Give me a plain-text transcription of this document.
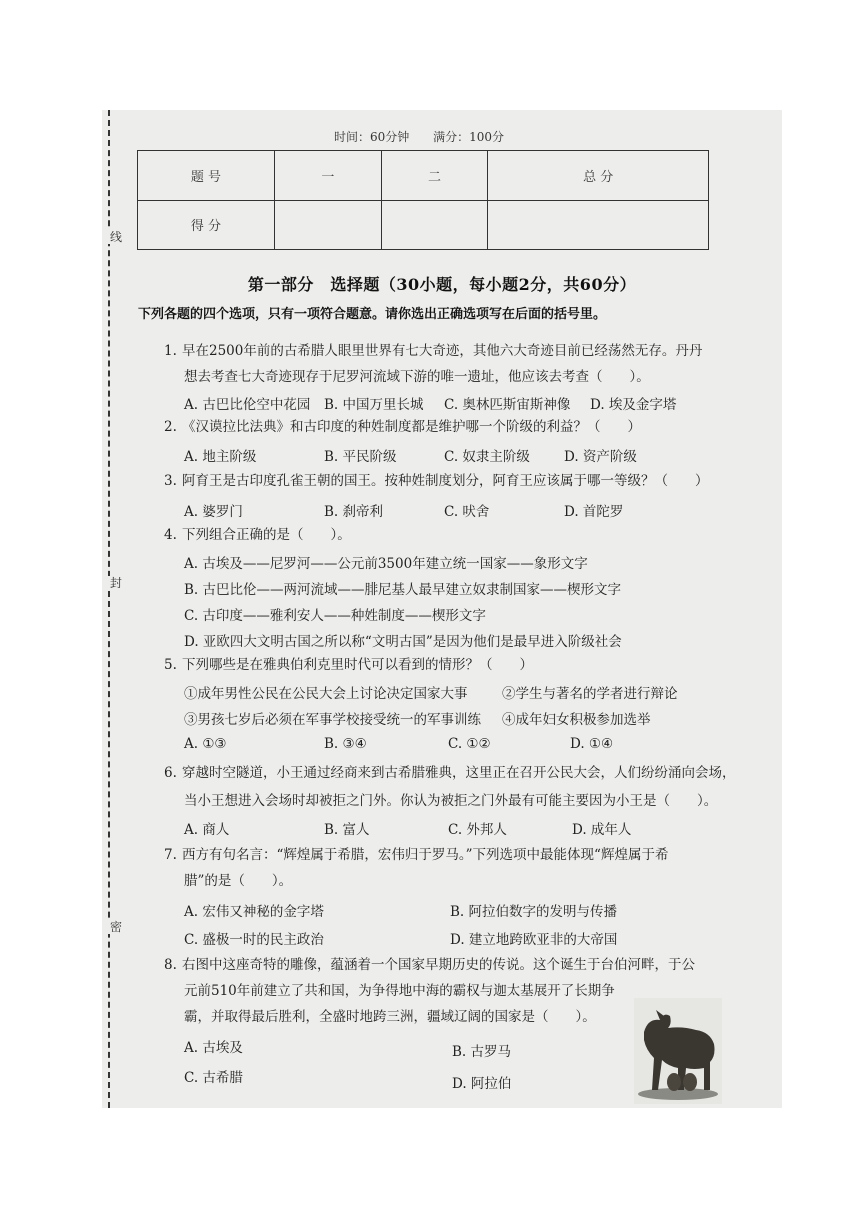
线
封
密
时间：60分钟 满分：100分
题 号	一	二	总 分
得 分			
第一部分　选择题（30小题，每小题2分，共60分）
下列各题的四个选项，只有一项符合题意。请你选出正确选项写在后面的括号里。
1. 早在2500年前的古希腊人眼里世界有七大奇迹，其他六大奇迹目前已经荡然无存。丹丹
想去考查七大奇迹现存于尼罗河流域下游的唯一遗址，他应该去考查（　　）。
A. 古巴比伦空中花园 B. 中国万里长城 C. 奥林匹斯宙斯神像 D. 埃及金字塔
2. 《汉谟拉比法典》和古印度的种姓制度都是维护哪一个阶级的利益？（　　）
A. 地主阶级	B. 平民阶级	C. 奴隶主阶级	D. 资产阶级
3. 阿育王是古印度孔雀王朝的国王。按种姓制度划分，阿育王应该属于哪一等级？（　　）
A. 婆罗门	B. 刹帝利	C. 吠舍	D. 首陀罗
4. 下列组合正确的是（　　）。
A. 古埃及——尼罗河——公元前3500年建立统一国家——象形文字
B. 古巴比伦——两河流域——腓尼基人最早建立奴隶制国家——楔形文字
C. 古印度——雅利安人——种姓制度——楔形文字
D. 亚欧四大文明古国之所以称“文明古国”是因为他们是最早进入阶级社会
5. 下列哪些是在雅典伯利克里时代可以看到的情形？（　　）
①成年男性公民在公民大会上讨论决定国家大事	②学生与著名的学者进行辩论
③男孩七岁后必须在军事学校接受统一的军事训练 ④成年妇女积极参加选举
A. ①③	B. ③④	C. ①②	D. ①④
6. 穿越时空隧道，小王通过经商来到古希腊雅典，这里正在召开公民大会，人们纷纷涌向会场，
当小王想进入会场时却被拒之门外。你认为被拒之门外最有可能主要因为小王是（　　）。
A. 商人	B. 富人	C. 外邦人	D. 成年人
7. 西方有句名言：“辉煌属于希腊，宏伟归于罗马。”下列选项中最能体现“辉煌属于希
腊”的是（　　）。
A. 宏伟又神秘的金字塔	B. 阿拉伯数字的发明与传播
C. 盛极一时的民主政治	D. 建立地跨欧亚非的大帝国
8. 右图中这座奇特的雕像，蕴涵着一个国家早期历史的传说。这个诞生于台伯河畔，于公
元前510年前建立了共和国，为争得地中海的霸权与迦太基展开了长期争
霸，并取得最后胜利，全盛时地跨三洲，疆域辽阔的国家是（　　）。
A. 古埃及	B. 古罗马
C. 古希腊	D. 阿拉伯
